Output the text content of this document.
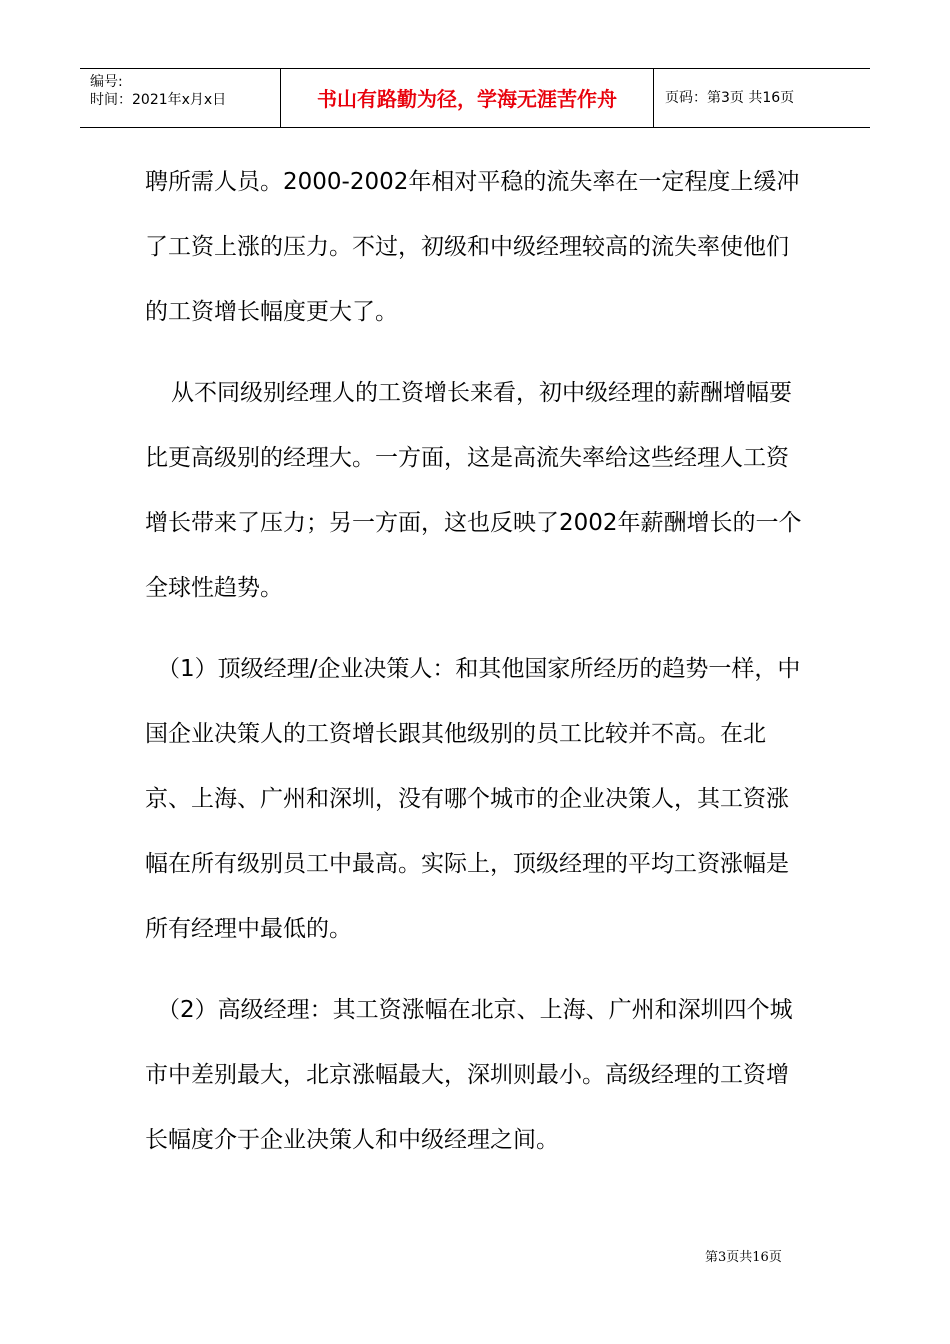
编号:
时间：2021年x月x日	书山有路勤为径，学海无涯苦作舟	页码：第3页 共16页

聘所需人员。2000-2002年相对平稳的流失率在一定程度上缓冲了工资上涨的压力。不过，初级和中级经理较高的流失率使他们的工资增长幅度更大了。

从不同级别经理人的工资增长来看，初中级经理的薪酬增幅要比更高级别的经理大。一方面，这是高流失率给这些经理人工资增长带来了压力；另一方面，这也反映了2002年薪酬增长的一个全球性趋势。

（1）顶级经理/企业决策人：和其他国家所经历的趋势一样，中国企业决策人的工资增长跟其他级别的员工比较并不高。在北京、上海、广州和深圳，没有哪个城市的企业决策人，其工资涨幅在所有级别员工中最高。实际上，顶级经理的平均工资涨幅是所有经理中最低的。

（2）高级经理：其工资涨幅在北京、上海、广州和深圳四个城市中差别最大，北京涨幅最大，深圳则最小。高级经理的工资增长幅度介于企业决策人和中级经理之间。

第3页共16页
